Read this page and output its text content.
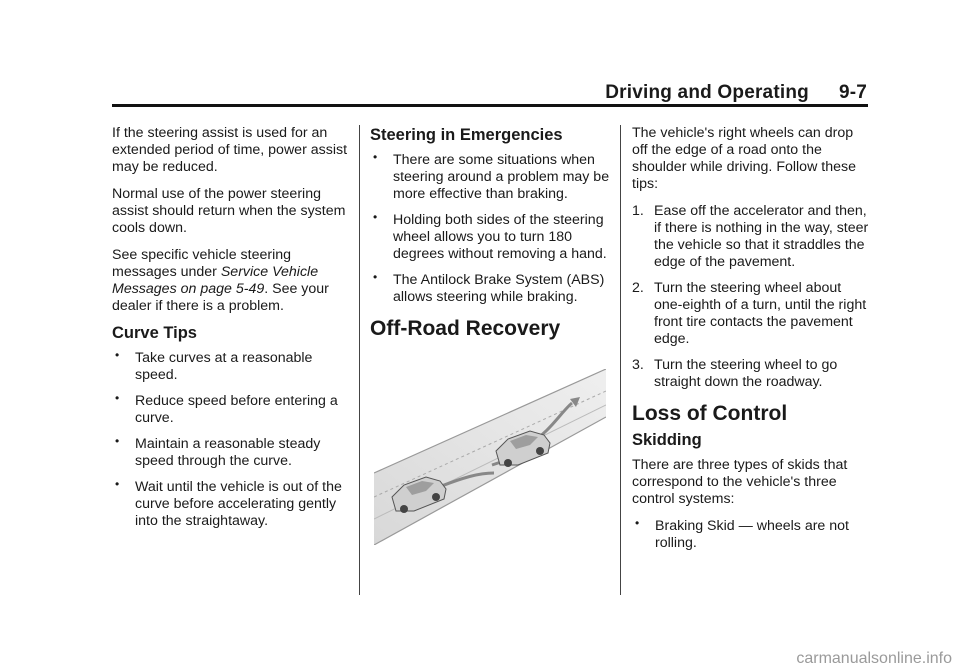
Driving and Operating 9-7

If the steering assist is used for an extended period of time, power assist may be reduced.

Normal use of the power steering assist should return when the system cools down.

See specific vehicle steering messages under Service Vehicle Messages on page 5-49. See your dealer if there is a problem.

Curve Tips
• Take curves at a reasonable speed.
• Reduce speed before entering a curve.
• Maintain a reasonable steady speed through the curve.
• Wait until the vehicle is out of the curve before accelerating gently into the straightaway.
Steering in Emergencies
• There are some situations when steering around a problem may be more effective than braking.
• Holding both sides of the steering wheel allows you to turn 180 degrees without removing a hand.
• The Antilock Brake System (ABS) allows steering while braking.
Off-Road Recovery

The vehicle's right wheels can drop off the edge of a road onto the shoulder while driving. Follow these tips:

1. Ease off the accelerator and then, if there is nothing in the way, steer the vehicle so that it straddles the edge of the pavement.
2. Turn the steering wheel about one-eighth of a turn, until the right front tire contacts the pavement edge.
3. Turn the steering wheel to go straight down the roadway.
Loss of Control
Skidding

There are three types of skids that correspond to the vehicle's three control systems:

• Braking Skid — wheels are not rolling.
carmanualsonline.info
